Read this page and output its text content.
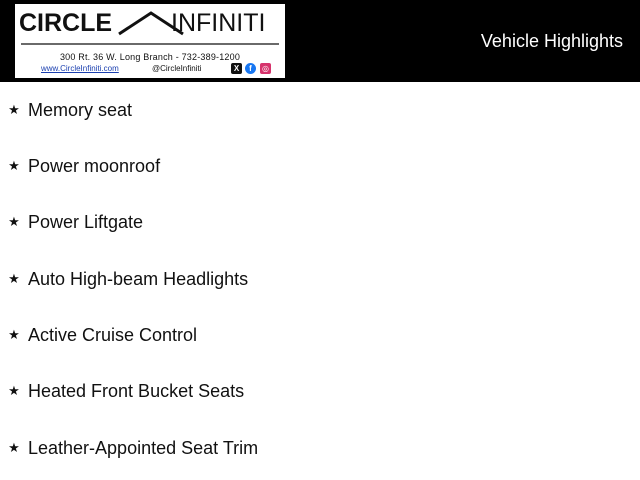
CIRCLE INFINITI
300 Rt. 36 W. Long Branch - 732-389-1200
www.CircleInfiniti.com	@CircleInfiniti	X	f	◎
Vehicle Highlights
★ Memory seat
★ Power moonroof
★ Power Liftgate
★ Auto High-beam Headlights
★ Active Cruise Control
★ Heated Front Bucket Seats
★ Leather-Appointed Seat Trim
